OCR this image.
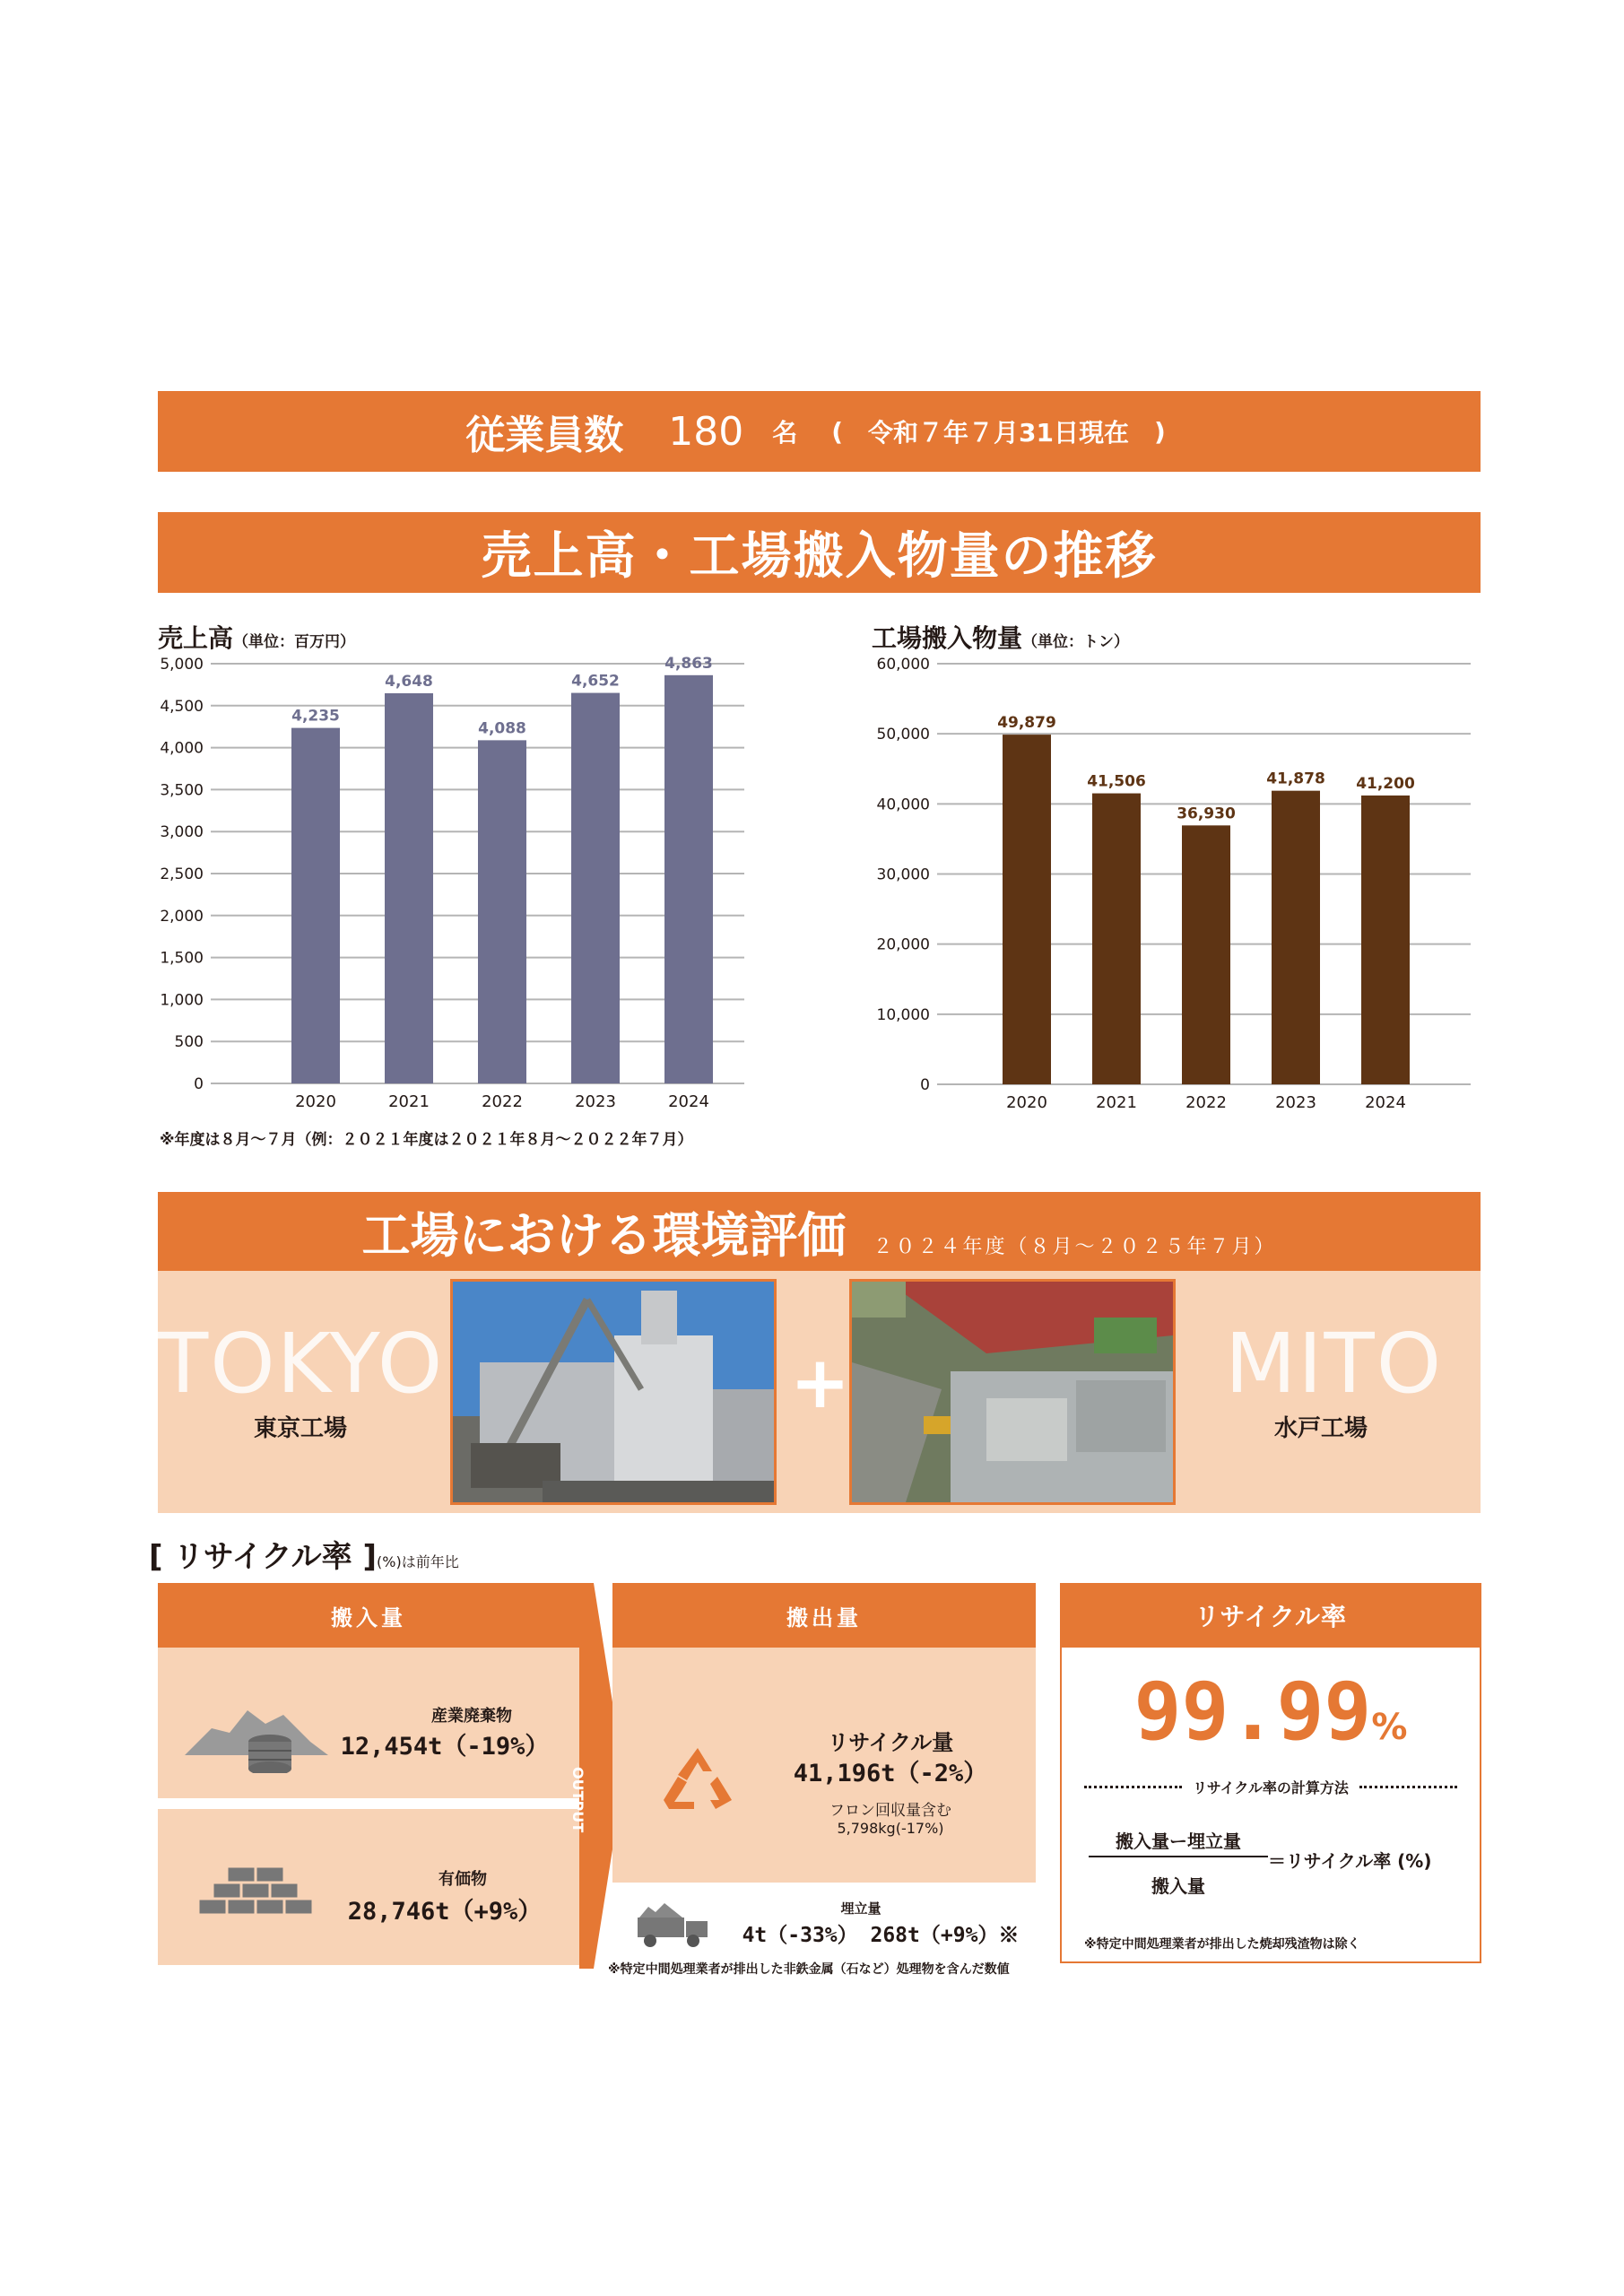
従業員数 180 名 ( 令和７年７月31日現在 )
売上高・工場搬入物量の推移
売上高（単位：百万円）	工場搬入物量（単位：トン）
0
500
1,000
1,500
2,000
2,500
3,000
3,500
4,000
4,500
5,000
4,235
2020
4,648
2021
4,088
2022
4,652
2023
4,863
2024
0
10,000
20,000
30,000
40,000
50,000
60,000
49,879
2020
41,506
2021
36,930
2022
41,878
2023
41,200
2024
※年度は８月～７月（例：２０２１年度は２０２１年８月～２０２２年７月）
工場における環境評価 ２０２４年度（８月～２０２５年７月）
TOKYO
東京工場
+	MITO
水戸工場
[ リサイクル率 ](%)は前年比
搬入量
産業廃棄物
12,454t（-19%）
有価物
28,746t（+9%）
OUTPUT
搬出量
リサイクル量
41,196t（-2%）
フロン回収量含む
5,798kg(-17%)
埋立量
4t（-33%） 268t（+9%）※
※特定中間処理業者が排出した非鉄金属（石など）処理物を含んだ数値
リサイクル率
99.99%
リサイクル率の計算方法
搬入量ー埋立量
搬入量
＝リサイクル率 (%)
※特定中間処理業者が排出した焼却残渣物は除く
